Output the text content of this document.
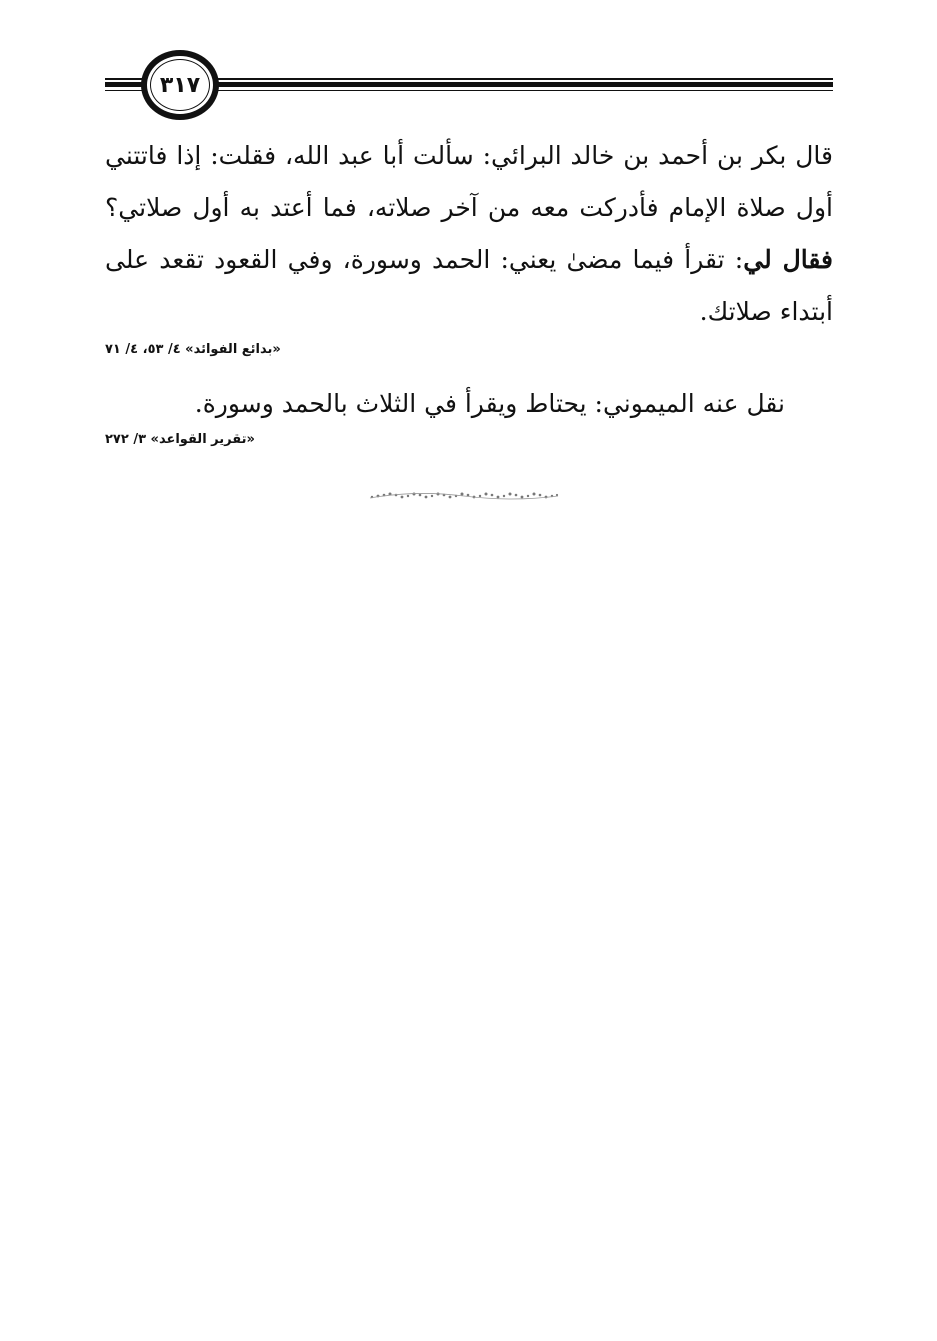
٣١٧
قال بكر بن أحمد بن خالد البرائي: سألت أبا عبد الله، فقلت: إذا فاتتني أول صلاة الإمام فأدركت معه من آخر صلاته، فما أعتد به أول صلاتي؟ فقال لي: تقرأ فيما مضىٰ يعني: الحمد وسورة، وفي القعود تقعد على أبتداء صلاتك.
«بدائع الفوائد» ٤/ ٥٣، ٤/ ٧١
نقل عنه الميموني: يحتاط ويقرأ في الثلاث بالحمد وسورة.
«تقرير القواعد» ٣/ ٢٧٢
